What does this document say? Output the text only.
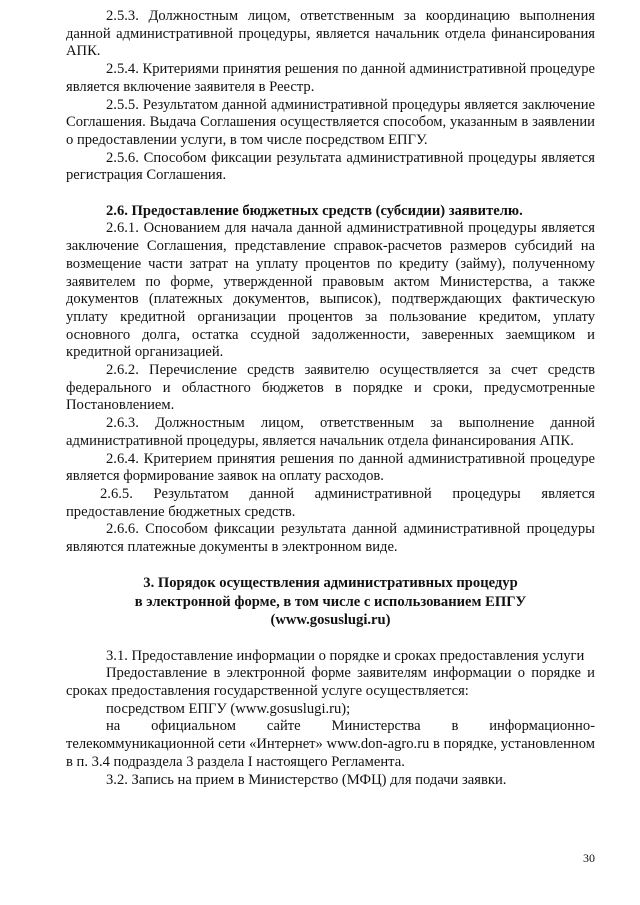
2.5.3. Должностным лицом, ответственным за координацию выполнения данной административной процедуры, является начальник отдела финансирования АПК.

2.5.4. Критериями принятия решения по данной административной процедуре является включение заявителя в Реестр.

2.5.5. Результатом данной административной процедуры является заключение Соглашения. Выдача Соглашения осуществляется способом, указанным в заявлении о предоставлении услуги, в том числе посредством ЕПГУ.

2.5.6. Способом фиксации результата административной процедуры является регистрация Соглашения.

2.6. Предоставление бюджетных средств (субсидии) заявителю.

2.6.1. Основанием для начала данной административной процедуры является заключение Соглашения, представление справок-расчетов размеров субсидий на возмещение части затрат на уплату процентов по кредиту (займу), полученному заявителем по форме, утвержденной правовым актом Министерства, а также документов (платежных документов, выписок), подтверждающих фактическую уплату кредитной организации процентов за пользование кредитом, уплату основного долга, остатка ссудной задолженности, заверенных заемщиком и кредитной организацией.

2.6.2. Перечисление средств заявителю осуществляется за счет средств федерального и областного бюджетов в порядке и сроки, предусмотренные Постановлением.

2.6.3. Должностным лицом, ответственным за выполнение данной административной процедуры, является начальник отдела финансирования АПК.

2.6.4. Критерием принятия решения по данной административной процедуре является формирование заявок на оплату расходов.

2.6.5. Результатом данной административной процедуры является предоставление бюджетных средств.

2.6.6. Способом фиксации результата данной административной процедуры являются платежные документы в электронном виде.

3. Порядок осуществления административных процедур
в электронной форме, в том числе с использованием ЕПГУ
(www.gosuslugi.ru)

3.1. Предоставление информации о порядке и сроках предоставления услуги

Предоставление в электронной форме заявителям информации о порядке и сроках предоставления государственной услуге осуществляется:

посредством ЕПГУ (www.gosuslugi.ru);

на официальном сайте Министерства в информационно-телекоммуникационной сети «Интернет» www.don-agro.ru в порядке, установленном в п. 3.4 подраздела 3 раздела I настоящего Регламента.

3.2. Запись на прием в Министерство (МФЦ) для подачи заявки.

30
